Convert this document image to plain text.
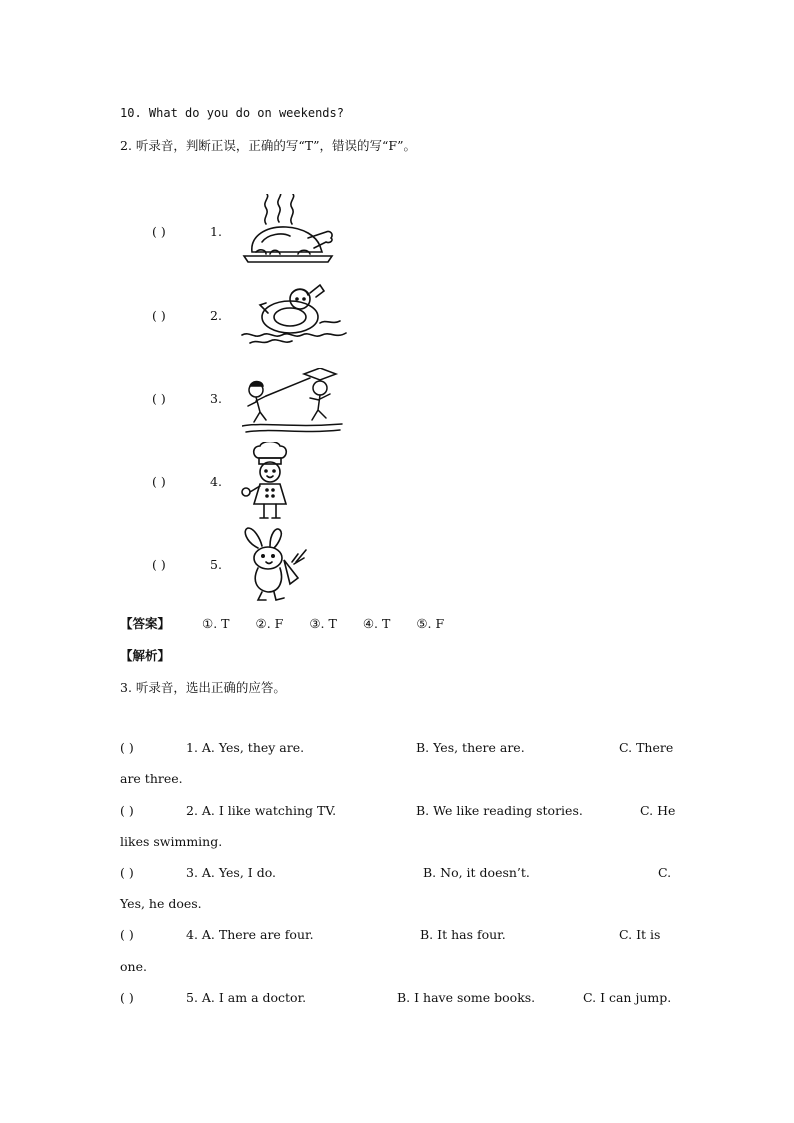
10. What do you do on weekends?
2. 听录音，判断正误，正确的写“T”，错误的写“F”。
( )	1.
( )	2.
( )	3.
( )	4.
( )	5.
【答案】	①. T ②. F ③. T ④. T ⑤. F
【解析】
3. 听录音，选出正确的应答。
( )	1. A. Yes, they are.	B. Yes, there are.	C. There
are three.
( )	2. A. I like watching TV.	B. We like reading stories.	C. He
likes swimming.
( )	3. A. Yes, I do.	B. No, it doesn’t.	C.
Yes, he does.
( )	4. A. There are four.	B. It has four.	C. It is
one.
( )	5. A. I am a doctor.	B. I have some books.	C. I can jump.
